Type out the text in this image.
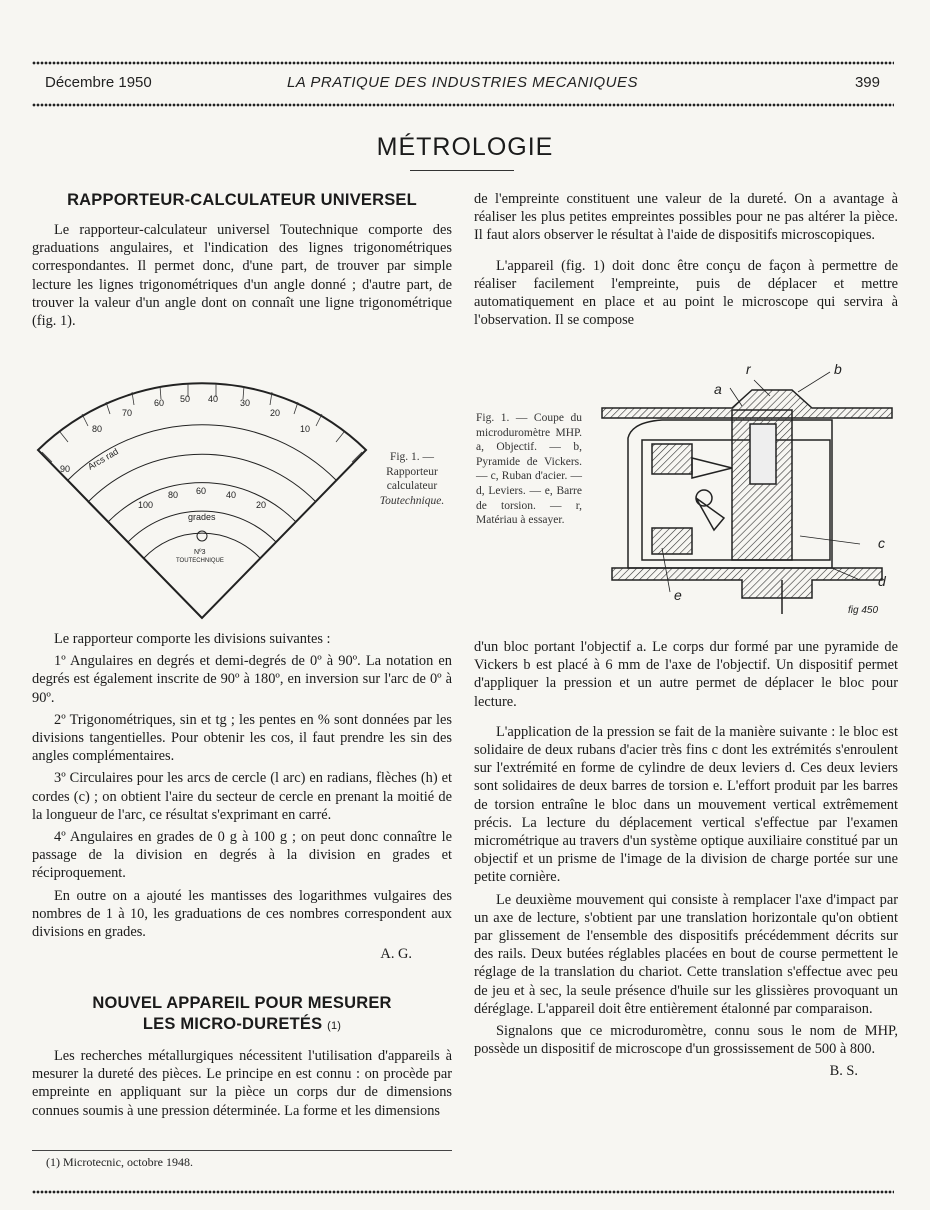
Décembre 1950	LA PRATIQUE DES INDUSTRIES MECANIQUES	399
MÉTROLOGIE
RAPPORTEUR-CALCULATEUR UNIVERSEL

Le rapporteur-calculateur universel Toutechnique comporte des graduations angulaires, et l'indication des lignes trigonométriques correspondantes. Il permet donc, d'une part, de trouver par simple lecture les lignes trigonométriques d'un angle donné ; d'autre part, de trouver la valeur d'un angle dont on connaît une ligne trigonométrique (fig. 1).

90
80
70
60 50 40 30
20
10
100
80 60 40
20
Arcs rad
grades
Nº3
TOUTECHNIQUE
Fig. 1. —
Rapporteur
calculateur
Toutechnique.

Le rapporteur comporte les divisions suivantes :

1º Angulaires en degrés et demi-degrés de 0º à 90º. La notation en degrés est également inscrite de 90º à 180º, en inversion sur l'arc de 0º à 90º.

2º Trigonométriques, sin et tg ; les pentes en % sont données par les divisions tangentielles. Pour obtenir les cos, il faut prendre les sin des angles complémentaires.

3º Circulaires pour les arcs de cercle (l arc) en radians, flèches (h) et cordes (c) ; on obtient l'aire du secteur de cercle en prenant la moitié de la longueur de l'arc, ce résultat s'exprimant en carré.

4º Angulaires en grades de 0 g à 100 g ; on peut donc connaître le passage de la division en degrés à la division en grades et réciproquement.

En outre on a ajouté les mantisses des logarithmes vulgaires des nombres de 1 à 10, les graduations de ces nombres correspondent aux divisions en grades.

A. G.
NOUVEL APPAREIL POUR MESURER
LES MICRO-DURETÉS (1)

Les recherches métallurgiques nécessitent l'utilisation d'appareils à mesurer la dureté des pièces. Le principe en est connu : on procède par empreinte en appliquant sur la pièce un corps dur de dimensions connues soumis à une pression déterminée. La forme et les dimensions

(1) Microtecnic, octobre 1948.

de l'empreinte constituent une valeur de la dureté. On a avantage à réaliser les plus petites empreintes possibles pour ne pas altérer la pièce. Il faut alors observer le résultat à l'aide de dispositifs microscopiques.

L'appareil (fig. 1) doit donc être conçu de façon à permettre de réaliser facilement l'empreinte, puis de déplacer et mettre automatiquement en place et au point le microscope qui servira à l'observation. Il se compose

Fig. 1. — Coupe du microduromètre MHP. a, Objectif. — b, Pyramide de Vickers. — c, Ruban d'acier. — d, Leviers. — e, Barre de torsion. — r, Matériau à essayer.
r	b
a
c
d
e
fig 450

d'un bloc portant l'objectif a. Le corps dur formé par une pyramide de Vickers b est placé à 6 mm de l'axe de l'objectif. Un dispositif permet d'appliquer la pression et un autre permet de déplacer le bloc pour lecture.

L'application de la pression se fait de la manière suivante : le bloc est solidaire de deux rubans d'acier très fins c dont les extrémités s'enroulent sur l'extrémité en forme de cylindre de deux leviers d. Ces deux leviers sont solidaires de deux barres de torsion e. L'effort produit par les barres de torsion entraîne le bloc dans un mouvement vertical extrêmement précis. La lecture du déplacement vertical s'effectue par l'examen micrométrique au travers d'un système optique auxiliaire constitué par un objectif et un prisme de l'image de la division de charge portée sur une petite cornière.

Le deuxième mouvement qui consiste à remplacer l'axe d'impact par un axe de lecture, s'obtient par une translation horizontale qu'on obtient par glissement de l'ensemble des dispositifs précédemment décrits sur des rails. Deux butées réglables placées en bout de course permettent le réglage de la translation du chariot. Cette translation s'effectue avec peu de jeu et à sec, la seule présence d'huile sur les glissières provoquant un déréglage. L'appareil doit être entièrement étalonné par comparaison.

Signalons que ce microduromètre, connu sous le nom de MHP, possède un dispositif de microscope d'un grossissement de 500 à 800.

B. S.
